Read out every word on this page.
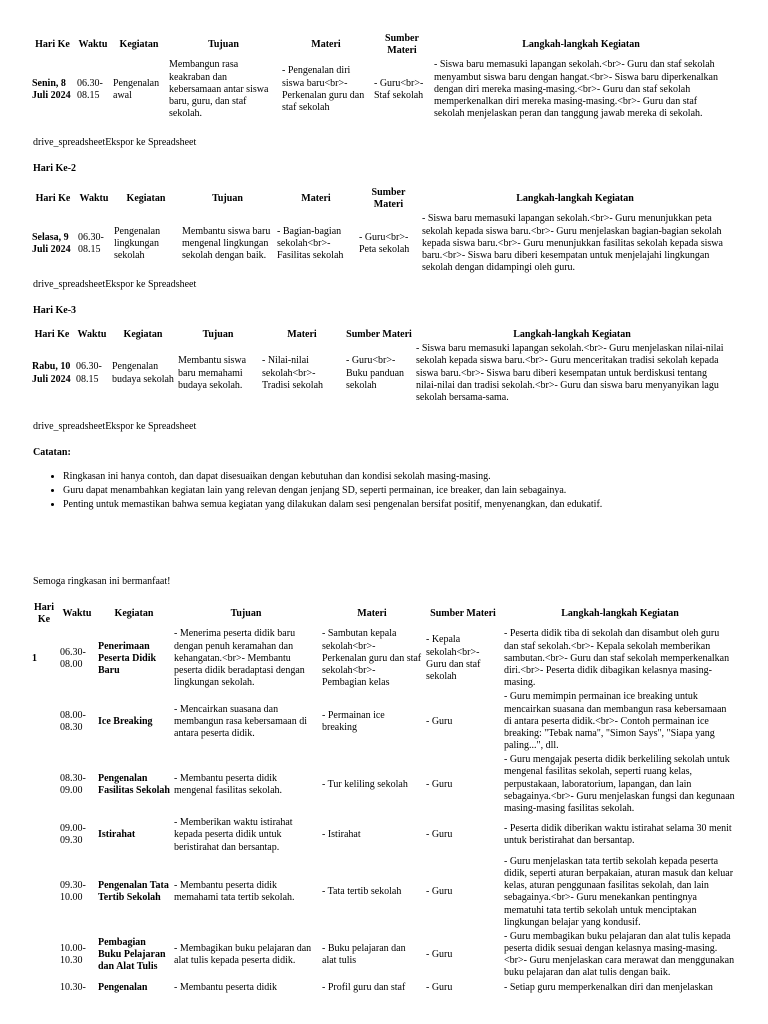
Hari Ke	Waktu	Kegiatan	Tujuan	Materi	Sumber Materi	Langkah-langkah Kegiatan
Senin, 8 Juli 2024	06.30-08.15	Pengenalan awal	Membangun rasa keakraban dan kebersamaan antar siswa baru, guru, dan staf sekolah.	- Pengenalan diri siswa baru<br>- Perkenalan guru dan staf sekolah	- Guru<br>- Staf sekolah	- Siswa baru memasuki lapangan sekolah.<br>- Guru dan staf sekolah menyambut siswa baru dengan hangat.<br>- Siswa baru diperkenalkan dengan diri mereka masing-masing.<br>- Guru dan staf sekolah memperkenalkan diri mereka masing-masing.<br>- Guru dan staf sekolah menjelaskan peran dan tanggung jawab mereka di sekolah.
drive_spreadsheetEkspor ke Spreadsheet
Hari Ke-2
Hari Ke	Waktu	Kegiatan	Tujuan	Materi	Sumber Materi	Langkah-langkah Kegiatan
Selasa, 9 Juli 2024	06.30-08.15	Pengenalan lingkungan sekolah	Membantu siswa baru mengenal lingkungan sekolah dengan baik.	- Bagian-bagian sekolah<br>- Fasilitas sekolah	- Guru<br>- Peta sekolah	- Siswa baru memasuki lapangan sekolah.<br>- Guru menunjukkan peta sekolah kepada siswa baru.<br>- Guru menjelaskan bagian-bagian sekolah kepada siswa baru.<br>- Guru menunjukkan fasilitas sekolah kepada siswa baru.<br>- Siswa baru diberi kesempatan untuk menjelajahi lingkungan sekolah dengan didampingi oleh guru.
drive_spreadsheetEkspor ke Spreadsheet
Hari Ke-3
Hari Ke	Waktu	Kegiatan	Tujuan	Materi	Sumber Materi	Langkah-langkah Kegiatan
Rabu, 10 Juli 2024	06.30-08.15	Pengenalan budaya sekolah	Membantu siswa baru memahami budaya sekolah.	- Nilai-nilai sekolah<br>- Tradisi sekolah	- Guru<br>- Buku panduan sekolah	- Siswa baru memasuki lapangan sekolah.<br>- Guru menjelaskan nilai-nilai sekolah kepada siswa baru.<br>- Guru menceritakan tradisi sekolah kepada siswa baru.<br>- Siswa baru diberi kesempatan untuk berdiskusi tentang nilai-nilai dan tradisi sekolah.<br>- Guru dan siswa baru menyanyikan lagu sekolah bersama-sama.
drive_spreadsheetEkspor ke Spreadsheet
Catatan:
• Ringkasan ini hanya contoh, dan dapat disesuaikan dengan kebutuhan dan kondisi sekolah masing-masing.
• Guru dapat menambahkan kegiatan lain yang relevan dengan jenjang SD, seperti permainan, ice breaker, dan lain sebagainya.
• Penting untuk memastikan bahwa semua kegiatan yang dilakukan dalam sesi pengenalan bersifat positif, menyenangkan, dan edukatif.
Semoga ringkasan ini bermanfaat!
Hari Ke	Waktu	Kegiatan	Tujuan	Materi	Sumber Materi	Langkah-langkah Kegiatan
1	06.30-08.00	Penerimaan Peserta Didik Baru	- Menerima peserta didik baru dengan penuh keramahan dan kehangatan.<br>- Membantu peserta didik beradaptasi dengan lingkungan sekolah.	- Sambutan kepala sekolah<br>- Perkenalan guru dan staf sekolah<br>- Pembagian kelas	- Kepala sekolah<br>- Guru dan staf sekolah	- Peserta didik tiba di sekolah dan disambut oleh guru dan staf sekolah.<br>- Kepala sekolah memberikan sambutan.<br>- Guru dan staf sekolah memperkenalkan diri.<br>- Peserta didik dibagikan kelasnya masing-masing.
	08.00-08.30	Ice Breaking	- Mencairkan suasana dan membangun rasa kebersamaan di antara peserta didik.	- Permainan ice breaking	- Guru	- Guru memimpin permainan ice breaking untuk mencairkan suasana dan membangun rasa kebersamaan di antara peserta didik.<br>- Contoh permainan ice breaking: "Tebak nama", "Simon Says", "Siapa yang paling...", dll.
	08.30-09.00	Pengenalan Fasilitas Sekolah	- Membantu peserta didik mengenal fasilitas sekolah.	- Tur keliling sekolah	- Guru	- Guru mengajak peserta didik berkeliling sekolah untuk mengenal fasilitas sekolah, seperti ruang kelas, perpustakaan, laboratorium, lapangan, dan lain sebagainya.<br>- Guru menjelaskan fungsi dan kegunaan masing-masing fasilitas sekolah.
	09.00-09.30	Istirahat	- Memberikan waktu istirahat kepada peserta didik untuk beristirahat dan bersantap.	- Istirahat	- Guru	- Peserta didik diberikan waktu istirahat selama 30 menit untuk beristirahat dan bersantap.
	09.30-10.00	Pengenalan Tata Tertib Sekolah	- Membantu peserta didik memahami tata tertib sekolah.	- Tata tertib sekolah	- Guru	- Guru menjelaskan tata tertib sekolah kepada peserta didik, seperti aturan berpakaian, aturan masuk dan keluar kelas, aturan penggunaan fasilitas sekolah, dan lain sebagainya.<br>- Guru menekankan pentingnya mematuhi tata tertib sekolah untuk menciptakan lingkungan belajar yang kondusif.
	10.00-10.30	Pembagian Buku Pelajaran dan Alat Tulis	- Membagikan buku pelajaran dan alat tulis kepada peserta didik.	- Buku pelajaran dan alat tulis	- Guru	- Guru membagikan buku pelajaran dan alat tulis kepada peserta didik sesuai dengan kelasnya masing-masing.<br>- Guru menjelaskan cara merawat dan menggunakan buku pelajaran dan alat tulis dengan baik.
	10.30-	Pengenalan	- Membantu peserta didik	- Profil guru dan staf	- Guru	- Setiap guru memperkenalkan diri dan menjelaskan
